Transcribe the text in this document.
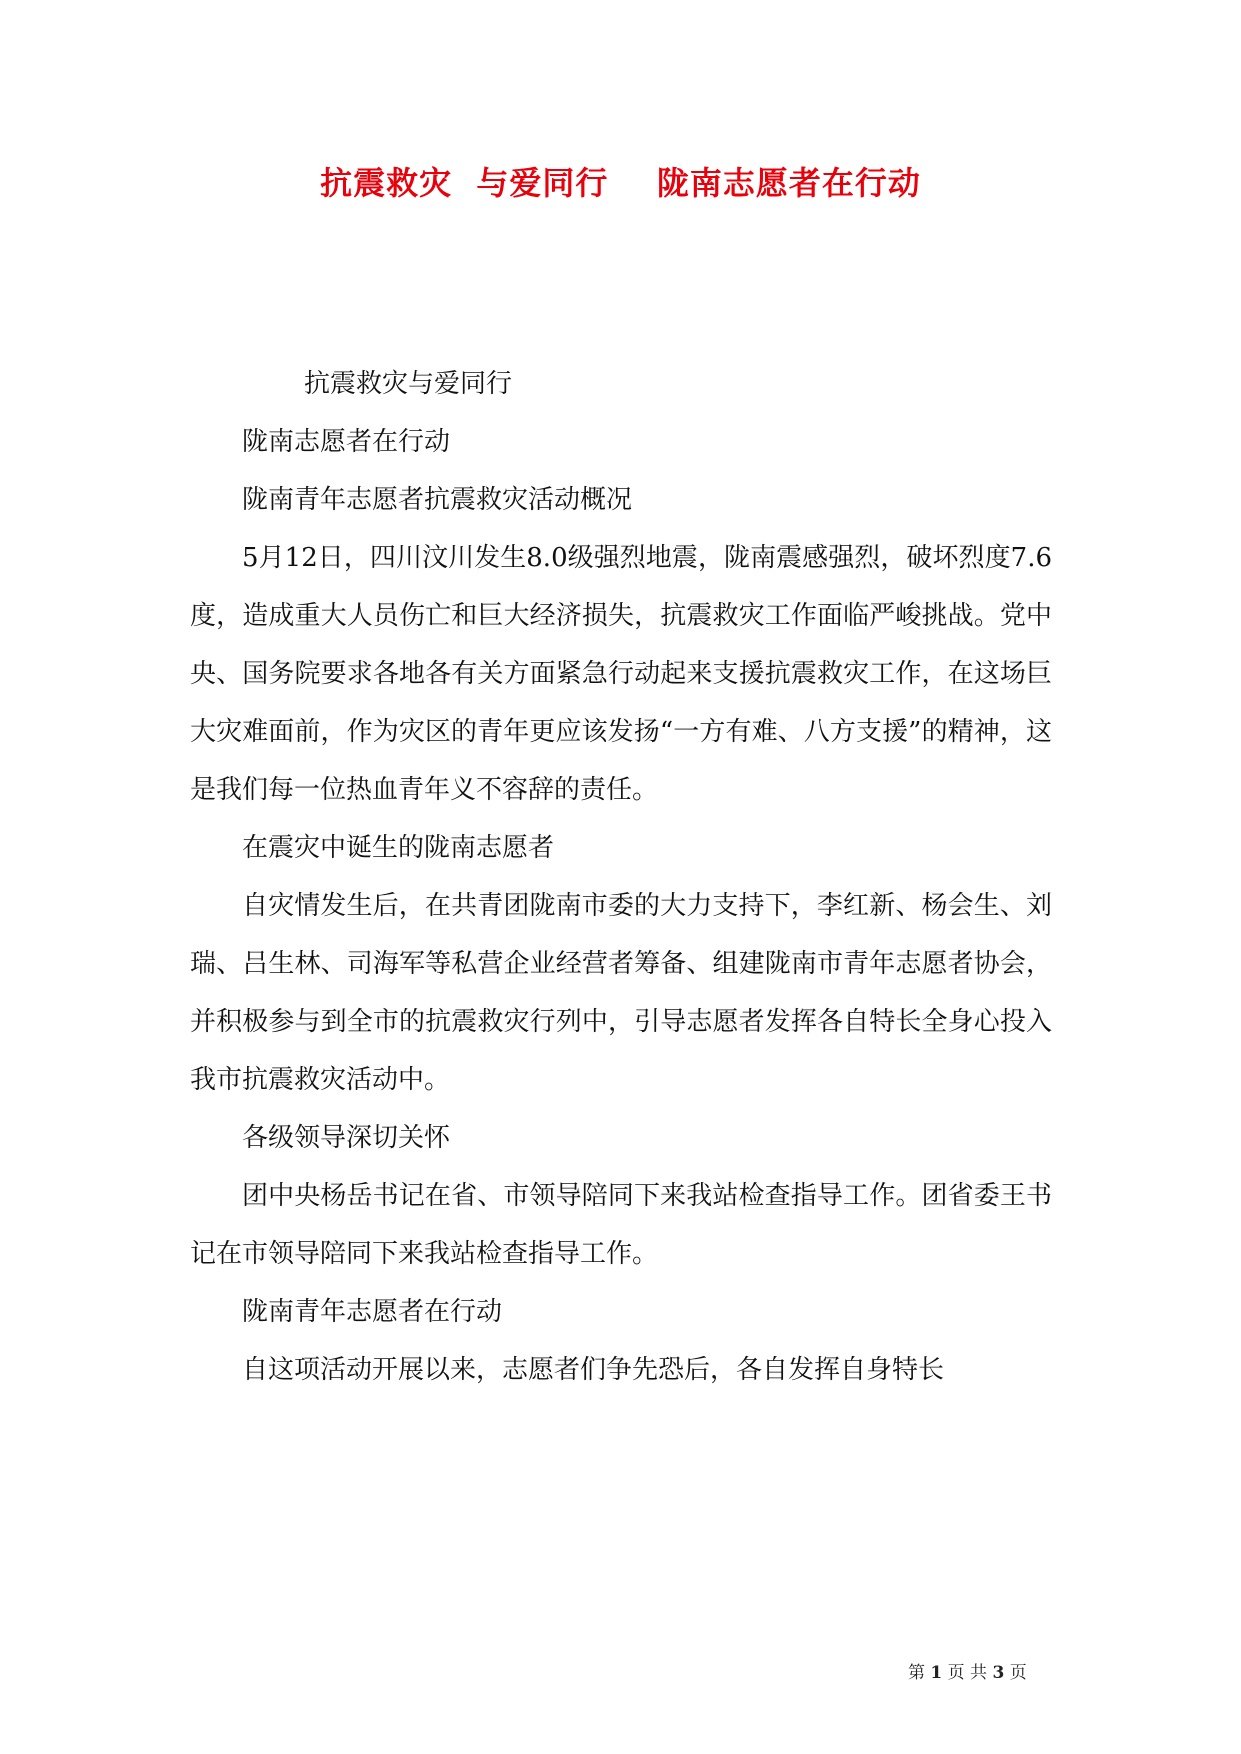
抗震救灾  与爱同行    陇南志愿者在行动

抗震救灾与爱同行

陇南志愿者在行动

陇南青年志愿者抗震救灾活动概况

5月12日，四川汶川发生8.0级强烈地震，陇南震感强烈，破坏烈度7.6度，造成重大人员伤亡和巨大经济损失，抗震救灾工作面临严峻挑战。党中央、国务院要求各地各有关方面紧急行动起来支援抗震救灾工作，在这场巨大灾难面前，作为灾区的青年更应该发扬“一方有难、八方支援”的精神，这是我们每一位热血青年义不容辞的责任。

在震灾中诞生的陇南志愿者

自灾情发生后，在共青团陇南市委的大力支持下，李红新、杨会生、刘瑞、吕生林、司海军等私营企业经营者筹备、组建陇南市青年志愿者协会，并积极参与到全市的抗震救灾行列中，引导志愿者发挥各自特长全身心投入我市抗震救灾活动中。

各级领导深切关怀

团中央杨岳书记在省、市领导陪同下来我站检查指导工作。团省委王书记在市领导陪同下来我站检查指导工作。

陇南青年志愿者在行动

自这项活动开展以来，志愿者们争先恐后，各自发挥自身特长

第 1 页 共 3 页
